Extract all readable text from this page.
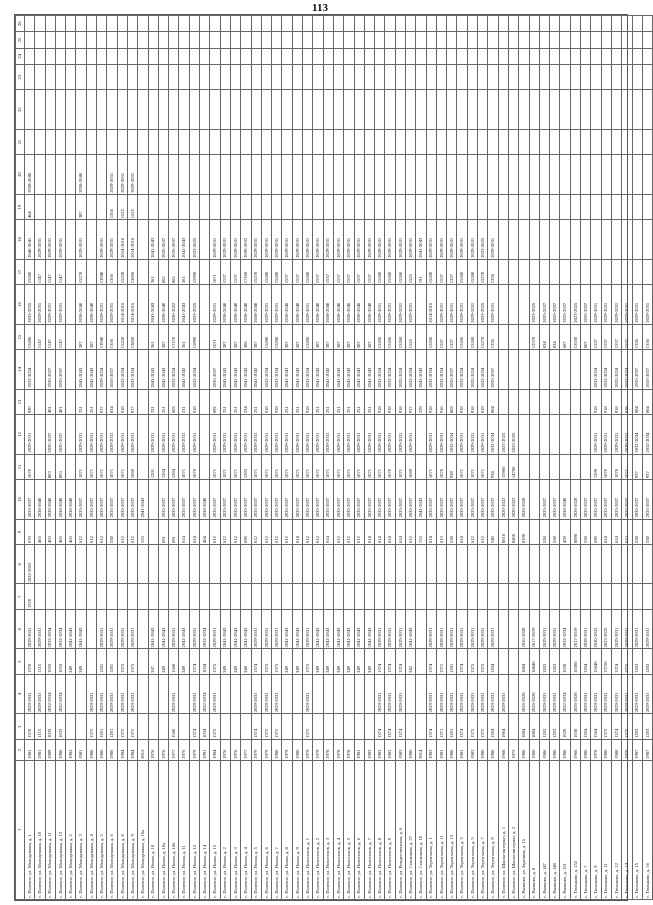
113
1	2	3	4	5	6	7	8	9	10	11	12	13	14	15	16	17	18	19	20	21	22	23	24	25	26
с. Полевое, ул. Молодежная, д. 1	1981	1370	2029-2031	1376	2029-2031	1370	2022-2025	670	2033-2037	1070	2029-2031	920	2032-2034	15280	2033-2035	15280	2040-2041	464	2038-2040						
с. Полевое, ул. Молодежная, д. 10	1981	1115	2029-2031	1115	2029-2031			463	2038-2040					1147	2029-2031	1147	2029-2031								
с. Полевое, ул. Молодежная, д. 11	1989	1033	2032-2034	1033	2032-2034			463	2038-2040	803	2035-2037	401	2035-2037	1147	2029-2031	1147	2029-2031								
с. Полевое, ул. Молодежная, д. 12	1986	1633	2032-2034	1033	2032-2034			463	2038-2040	803	2035-2037	401	2035-2037	1147	2029-2031	1147	2029-2031								
с. Полевое, ул. Молодежная, д. 2	1982			349	2041-2043			463	2038-2040																
с. Полевое, ул. Молодежная, д. 3	1981			349	2041-2043			612	2035-2037	1071	2029-2031	251	2041-2043	387	2038-2040	15270	2029-2031	387	2038-2040						
с. Полевое, ул. Молодежная, д. 4	1986	1375	2029-2031					612	2035-2037	1071	2029-2031	251	2041-2043	387	2038-2040										
с. Полевое, ул. Молодежная, д. 5	1986	1201	2029-2031	1201	2029-2031			612	2035-2037	1071	2029-2031	917	2029-2034	13940	2029-2031	13940	2029-2031								
с. Полевое, ул. Молодежная, д. 6	1986	1201	2029-2031	1201	2029-2031			538	2035-2037	1071	2029-2031	834	2035-2037	1356	2029-2031	1356	2029-2031	1356	2029-2031						
с. Полевое, ул. Молодежная, д. 8	1984	1375	2029-2031	1375	2029-2031			612	2035-2037	1071	2029-2031	918	2032-2034	15220	2014-2016	15220	2014-2016	1525	2029-2031						
с. Полевое, ул. Молодежная, д. 9	1984	1375	2029-2031	1375	2029-2031			612	2035-2037	1069	2029-2031	917	2032-2034	13850	2014-2016	13850	2014-2016	1525	2029-2031						
с. Полевое, ул. Молодежная, д. 10а	2015							153	2041-2043																
с. Полевое, ул. Новая, д. 10	1976			347	2041-2043					1201	2029-2031	231	2041-2043	361	2041-2043	361	2041-2043								
с. Полевое, ул. Новая, д. 10а	1976			349	2041-2043			691	2035-2037	1204	2029-2031	251	2041-2043	387	2038-2040	862	2035-2037								
с. Полевое, ул. Новая, д. 10б	1977	1560	2029-2031	1560	2029-2031			691	2035-2037	1204	2029-2031	603	2032-2034	17170	2030-2022	862	2035-2037								
с. Полевое, ул. Новая, д. 11	1976			349	2041-2043			614	2035-2037	1071	2029-2031	231	2041-2043	361	2041-2043	361	2041-2043								
с. Полевое, ул. Новая, д. 12	1979	1374	2029-2031	1374	2029-2031			614	2035-2037	1070	2029-2031	918	2032-2034	15990	2023-2025	15990	2023-2025								
с. Полевое, ул. Новая, д. 14	1991	1034	2032-2034	1034	2032-2034			464	2038-2040																
с. Полевое, ул. Новая, д. 15	1984	1375	2029-2031	1375	2029-2031			612	2035-2037	1071	2029-2031	692	2035-2037	1071	2029-2031	1071	2029-2031								
с. Полевое, ул. Новая, д. 2	1976			349	2041-2043			612	2035-2037	1071	2029-2031	251	2041-2043	387	2038-2040	1537	2029-2031								
с. Полевое, ул. Новая, д. 3	1976			349	2041-2043			612	2035-2037	1071	2029-2031	251	2041-2043	387	2038-2040	1537	2029-2031								
с. Полевое, ул. Новая, д. 4	1977			348	2041-2043			690	2035-2037	1203	2029-2031	234	2041-2043	386	2038-2040	17160	2030-2032								
с. Полевое, ул. Новая, д. 5	1979	1374	2029-2031	1374	2029-2031			612	2035-2037	1071	2029-2031	251	2041-2043	387	2038-2040	15270	2029-2031								
с. Полевое, ул. Новая, д. 6	1979	1375	2029-2031	1375	2029-2031			612	2035-2037	1071	2029-2031	918	2032-2034	15280	2029-2031	15280	2029-2031								
с. Полевое, ул. Новая, д. 7	1980	1375	2029-2031	1375	2029-2031			612	2035-2037	1071	2029-2031	918	2032-2034	15280	2029-2031	15280	2029-2031								
с. Полевое, ул. Новая, д. 8	1979			349	2041-2043			612	2035-2037	1071	2029-2031	251	2041-2043	387	2038-2040	1537	2029-2031								
с. Полевое, ул. Новая, д. 9	1980			349	2041-2043			614	2035-2037	1071	2029-2031	251	2041-2043	387	2038-2040	1537	2029-2031								
с. Полевое, ул. Новоселов, д. 1	1979	1375	2029-2031	1375	2029-2031			612	2035-2037	1071	2029-2031	918	2032-2034	15280	2029-2031	15280	2029-2031								
с. Полевое, ул. Новоселов, д. 2	1979			349	2041-2043			612	2035-2037	1071	2029-2031	251	2041-2043	387	2038-2040	1537	2029-2031								
с. Полевое, ул. Новоселов, д. 3	1978			349	2041-2043			614	2035-2037	1071	2029-2031	251	2041-2043	387	2038-2040	1537	2029-2031								
с. Полевое, ул. Новоселов, д. 4	1978			349	2041-2043			612	2035-2037	1071	2029-2031	251	2041-2043	387	2038-2040	1537	2029-2031								
с. Полевое, ул. Новоселов, д. 5	1978			349	2041-2043			612	2035-2037	1071	2029-2031	251	2041-2043	387	2038-2040	1537	2029-2031								
с. Полевое, ул. Новоселов, д. 6	1981			349	2041-2043			612	2035-2037	1071	2029-2031	251	2041-2043	387	2038-2040	1537	2029-2031								
с. Полевое, ул. Новоселов, д. 7	1982			349	2041-2043			614	2035-2037	1071	2029-2031	251	2041-2043	387	2038-2040	1537	2029-2031								
с. Полевое, ул. Новоселов, д. 8	1983	1374	2029-2031	1374	2029-2031			614	2035-2037	1071	2029-2031	918	2032-2034	15260	2029-2031	15260	2029-2031								
с. Полевое, ул. Новоселов, д. 9	1982	1374	2029-2031	1374	2029-2031			614	2035-2037	1070	2029-2031	918	2032-2034	15260	2029-2031	15260	2029-2031								
с. Полевое, ул. Рождественская, д. 6	1983	1374	2029-2031	1374	2029-2031			614	2035-2037	1071	2029-2031	918	2032-2034	15260	2029-2031	15260	2029-2031								
с. Полевое, ул. Солнечная, д. 27	1980			342	2041-2043			612	2035-2037	1069	2029-2031	917	2032-2034	1525	2029-2031	1525	2029-2031								
с. Полевое, ул. Солнечная, д. 10	2014							153	2041-2043			229	2041-2043			191	2041-2043								
с. Полевое, ул. Терентьева, д. 1	1983	1374	2029-2031	1374	2029-2031			614	2035-2037	1071	2029-2031	918	2032-2034	15260	2014-2016	15260	2029-2031								
с. Полевое, ул. Терентьева, д. 11	1981	1371	2029-2031	1371	2029-2031			613	2035-2037	1070	2029-2031	916	2032-2034	1537	2029-2031	1537	2029-2031								
с. Полевое, ул. Терентьева, д. 13	1986	1201	2029-2031	1201	2029-2031			538	2035-2037	938	2032-2034	803	2035-2037	1337	2029-2031	1337	2029-2031								
с. Полевое, ул. Терентьева, д. 3	1981	1374	2029-2031	1374	2029-2031			614	2035-2037	1071	2029-2031	918	2032-2034	15260	2029-2031	15260	2029-2031								
с. Полевое, ул. Терентьева, д. 5	1982	1375	2029-2031	1375	2029-2031			612	2035-2037	1071	2029-2031	918	2032-2034	15280	2029-2031	15280	2029-2031								
с. Полевое, ул. Терентьева, д. 7	1980	1375	2029-2031	1375	2029-2031			612	2035-2037	1071	2029-2031	919	2032-2034	15270	2023-2025	15270	2023-2025								
с. Полевое, ул. Терентьева, д. 9	1986	1204	2029-2031	1204	2029-2031			540	2035-2037	938	2032-2034	804	2035-2037	1336	2029-2031	1336	2029-2031								
с. Полевое, ул. Школа-интернат, д. 1	1968	1964	2029-2031					8810	2020-2022	15960	2023-2025														
с. Полевое, ул. Школа-интернат, д. 2	1975							8450	2020-2022	14700	2023-2025														
с. Рычково, ул. Заречная, д. 15	1986	1884	2026-2028	1884	2026-2028			8190	2026-2028																
с. Рычково, д. 8	1966	1884	2026-2028	18840	2017-2019									12570	2023-2025										
с. Рычково, д. 147	1986	1203	2029-2031	1203	2029-2031			538	2035-2037					834	2035-2037										
с. Рычково, д. 148	1986	1203	2029-2031	1203	2029-2031			538	2035-2037					834	2035-2037										
с. Рычково, д. 151	1986	1020	2032-2034	1020	2032-2034			459	2038-2040					687	2035-2037										
с. Тюльково, д. 152	1966	1630	2026-2028	16300	2017-2019			8890	2026-2028					13550	2023-2025										
с. Тюльково, д. 7	1986	1204	2029-2031	1204	2029-2031			538	2035-2037					807	2035-2037										
с. Тюльково, д. 9	1978	1564	2029-2031	15640	2020-2022			690	2035-2037	1209	2029-2031	918	2032-2034	1537	2029-2031										
с. Тюльково, д. 11	1980	1375	2029-2031	13750	2023-2025			614	2035-2037	1070	2029-2031	918	2032-2034	1537	2029-2031										
с. Тюльково, д. 12	1980	1374	2029-2031	1374	2029-2031			614	2035-2037	1070	2029-2031	918	2032-2034	1537	2029-2031										
с. Тюльково, д. 14	1979	1375	2029-2031	1375	2029-2031			612	2035-2037	1071	2029-2031	918	2032-2034	1537	2029-2031										
с. Тюльково, д. 15	1987	1203	2029-2031	1203	2029-2031			538	2035-2037	937	2032-2034	804	2035-2037	1336	2029-2031										
с. Тюльково, д. 16	1987	1203	2029-2031	1203	2029-2031			538	2035-2037	937	2032-2034	804	2035-2037	1336	2029-2031										
